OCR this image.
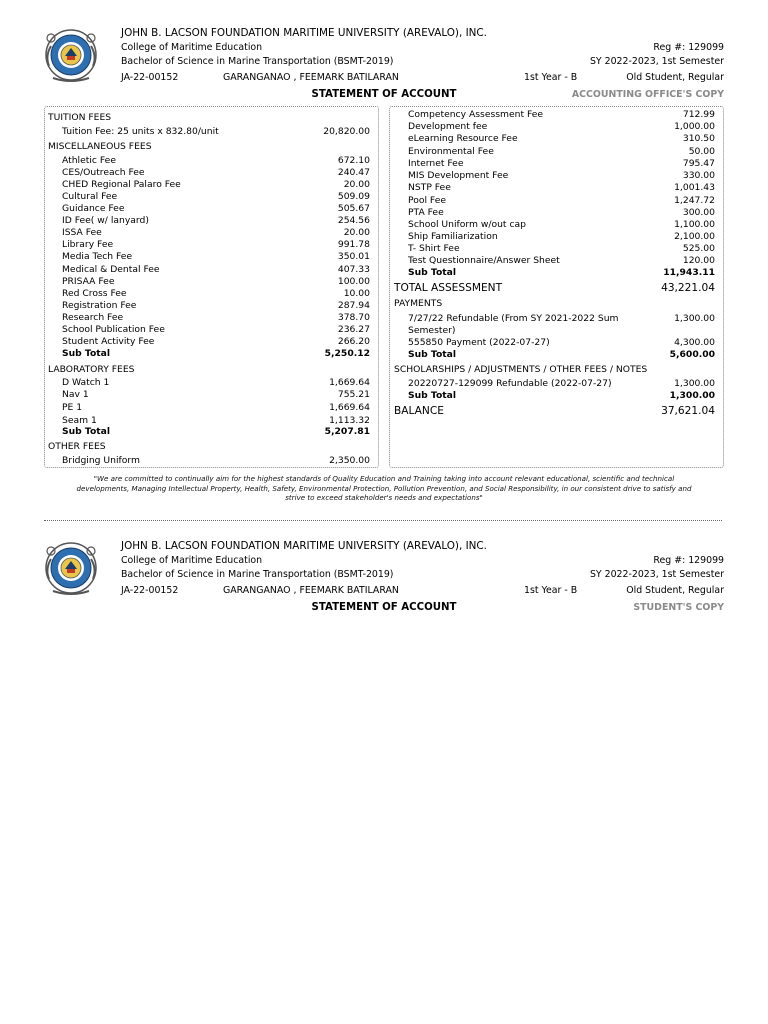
JOHN B. LACSON FOUNDATION MARITIME UNIVERSITY (AREVALO), INC.
College of Maritime Education
Bachelor of Science in Marine Transportation (BSMT-2019)
JA-22-00152	GARANGANAO , FEEMARK BATILARAN	1st Year - B
Reg #: 129099
SY 2022-2023, 1st Semester
Old Student, Regular
STATEMENT OF ACCOUNT	ACCOUNTING OFFICE'S COPY
TUITION FEES
Tuition Fee: 25 units x 832.80/unit	20,820.00
MISCELLANEOUS FEES
Athletic Fee	672.10
CES/Outreach Fee	240.47
CHED Regional Palaro Fee	20.00
Cultural Fee	509.09
Guidance Fee	505.67
ID Fee( w/ lanyard)	254.56
ISSA Fee	20.00
Library Fee	991.78
Media Tech Fee	350.01
Medical & Dental Fee	407.33
PRISAA Fee	100.00
Red Cross Fee	10.00
Registration Fee	287.94
Research Fee	378.70
School Publication Fee	236.27
Student Activity Fee	266.20
Sub Total	5,250.12
LABORATORY FEES
D Watch 1	1,669.64
Nav 1	755.21
PE 1	1,669.64
Seam 1	1,113.32
Sub Total	5,207.81
OTHER FEES
Bridging Uniform	2,350.00
Competency Assessment Fee	712.99
Development fee	1,000.00
eLearning Resource Fee	310.50
Environmental Fee	50.00
Internet Fee	795.47
MIS Development Fee	330.00
NSTP Fee	1,001.43
Pool Fee	1,247.72
PTA Fee	300.00
School Uniform w/out cap	1,100.00
Ship Familiarization	2,100.00
T- Shirt Fee	525.00
Test Questionnaire/Answer Sheet	120.00
Sub Total	11,943.11
TOTAL ASSESSMENT	43,221.04
PAYMENTS
7/27/22 Refundable (From SY 2021-2022 Sum
Semester)
1,300.00
555850 Payment (2022-07-27)	4,300.00
Sub Total	5,600.00
SCHOLARSHIPS / ADJUSTMENTS / OTHER FEES / NOTES
20220727-129099 Refundable (2022-07-27)	1,300.00
Sub Total	1,300.00
BALANCE	37,621.04
"We are committed to continually aim for the highest standards of Quality Education and Training taking into account relevant educational, scientific and technical developments, Managing Intellectual Property, Health, Safety, Environmental Protection, Pollution Prevention, and Social Responsibility, in our consistent drive to satisfy and strive to exceed stakeholder's needs and expectations"
JOHN B. LACSON FOUNDATION MARITIME UNIVERSITY (AREVALO), INC.
College of Maritime Education
Bachelor of Science in Marine Transportation (BSMT-2019)
JA-22-00152	GARANGANAO , FEEMARK BATILARAN	1st Year - B
Reg #: 129099
SY 2022-2023, 1st Semester
Old Student, Regular
STATEMENT OF ACCOUNT	STUDENT'S COPY
